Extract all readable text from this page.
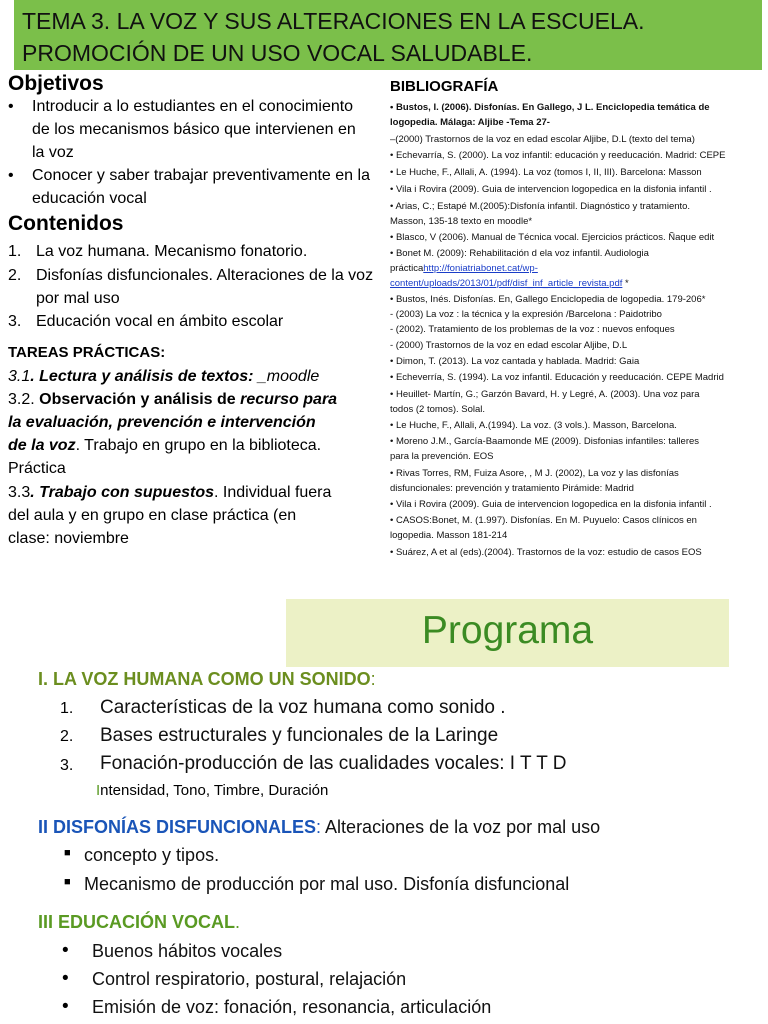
TEMA 3. LA VOZ Y SUS ALTERACIONES EN LA ESCUELA.
PROMOCIÓN DE UN USO VOCAL SALUDABLE.
Objetivos
• Introducir a lo estudiantes en el conocimiento de los mecanismos básico que intervienen en la voz
• Conocer y saber trabajar preventivamente en la educación vocal
Contenidos
1. La voz humana. Mecanismo fonatorio.
2. Disfonías disfuncionales. Alteraciones de la voz por mal uso
3. Educación vocal en ámbito escolar
TAREAS PRÁCTICAS:
3.1. Lectura y análisis de textos: _moodle
3.2. Observación y análisis de recurso para
la evaluación, prevención e intervención
de la voz. Trabajo en grupo en la biblioteca.
Práctica
3.3. Trabajo con supuestos. Individual fuera
del aula y en grupo en clase práctica (en
clase: noviembre
BIBLIOGRAFÍA
• Bustos, I. (2006). Disfonías. En Gallego, J L. Enciclopedia temática de
logopedia. Málaga: Aljibe -Tema 27-
–(2000) Trastornos de la voz en edad escolar Aljibe, D.L (texto del tema)
• Echevarría, S. (2000). La voz infantil: educación y reeducación. Madrid: CEPE
• Le Huche, F., Allali, A. (1994). La voz (tomos I, II, III). Barcelona: Masson
• Vila i Rovira (2009). Guia de intervencion logopedica en la disfonia infantil .
• Arias, C.; Estapé M.(2005):Disfonía infantil. Diagnóstico y tratamiento.
Masson, 135-18 texto en moodle*
• Blasco, V (2006). Manual de Técnica vocal. Ejercicios prácticos. Ñaque edit
• Bonet M. (2009): Rehabilitación d ela voz infantil. Audiologia
prácticahttp://foniatriabonet.cat/wp-
content/uploads/2013/01/pdf/disf_inf_article_revista.pdf *
• Bustos, Inés. Disfonías. En, Gallego Enciclopedia de logopedia. 179-206*
- (2003) La voz : la técnica y la expresión /Barcelona : Paidotribo
- (2002). Tratamiento de los problemas de la voz : nuevos enfoques
- (2000) Trastornos de la voz en edad escolar Aljibe, D.L
• Dimon, T. (2013). La voz cantada y hablada. Madrid: Gaia
• Echeverría, S. (1994). La voz infantil. Educación y reeducación. CEPE Madrid
• Heuillet- Martín, G.; Garzón Bavard, H. y Legré, A. (2003). Una voz para
todos (2 tomos). Solal.
• Le Huche, F., Allali, A.(1994). La voz. (3 vols.). Masson, Barcelona.
• Moreno J.M., García-Baamonde ME (2009). Disfonias infantiles: talleres
para la prevención. EOS
• Rivas Torres, RM, Fuiza Asore, , M J. (2002), La voz y las disfonías
disfuncionales: prevención y tratamiento Pirámide: Madrid
• Vila i Rovira (2009). Guia de intervencion logopedica en la disfonia infantil .
• CASOS:Bonet, M. (1.997). Disfonías. En M. Puyuelo: Casos clínicos en
logopedia. Masson 181-214
• Suárez, A et al (eds).(2004). Trastornos de la voz: estudio de casos EOS
Programa
I. LA VOZ HUMANA COMO UN SONIDO:
1. Características de la voz humana como sonido .
2. Bases estructurales y funcionales de la Laringe
3. Fonación-producción de las cualidades vocales: I T T D
Intensidad, Tono, Timbre, Duración
II DISFONÍAS DISFUNCIONALES: Alteraciones de la voz por mal uso
■ concepto y tipos.
■ Mecanismo de producción por mal uso. Disfonía disfuncional
III EDUCACIÓN VOCAL.
• Buenos hábitos vocales
• Control respiratorio, postural, relajación
• Emisión de voz: fonación, resonancia, articulación
